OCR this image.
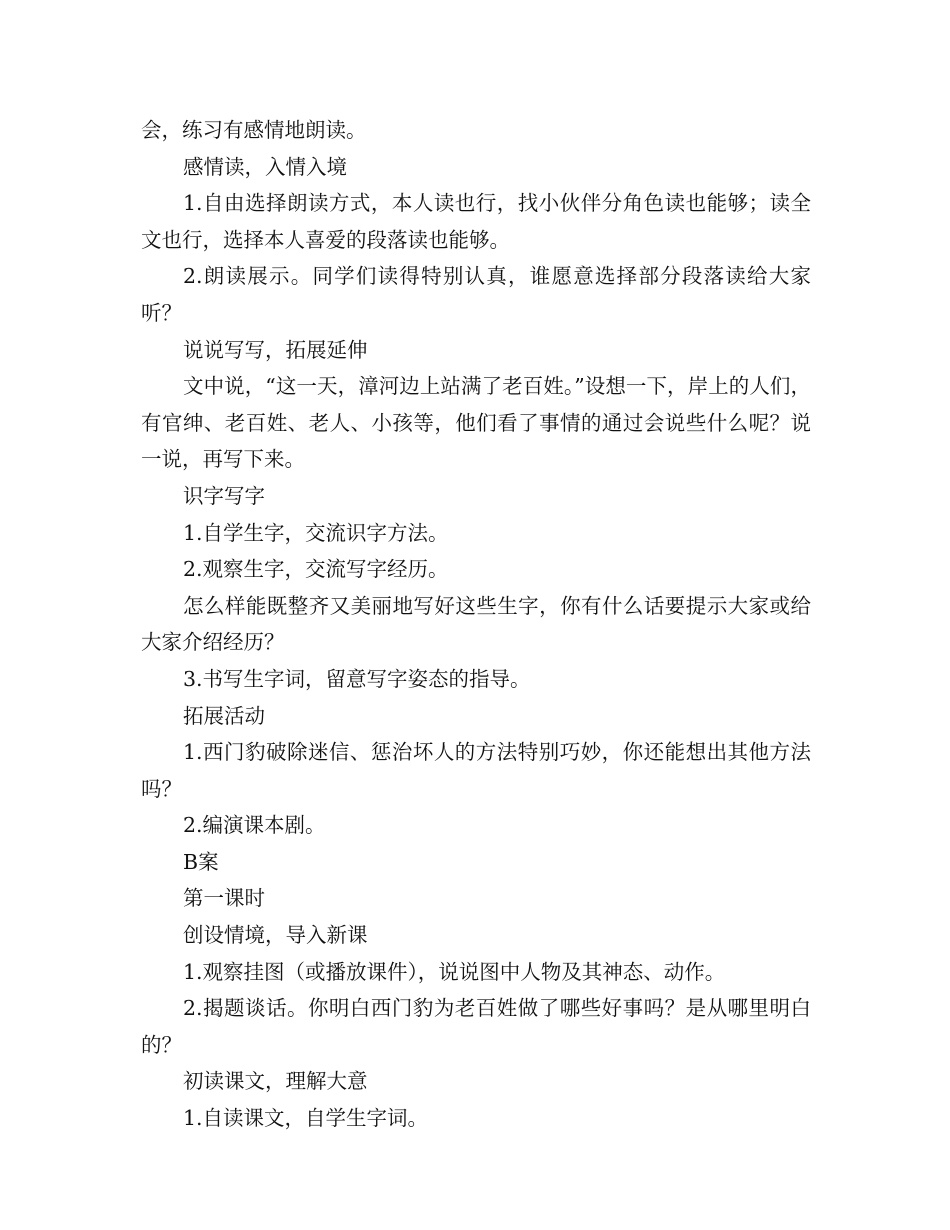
会，练习有感情地朗读。

感情读，入情入境

1.自由选择朗读方式，本人读也行，找小伙伴分角色读也能够；读全文也行，选择本人喜爱的段落读也能够。

2.朗读展示。同学们读得特别认真，谁愿意选择部分段落读给大家听？

说说写写，拓展延伸

文中说，“这一天，漳河边上站满了老百姓。”设想一下，岸上的人们，有官绅、老百姓、老人、小孩等，他们看了事情的通过会说些什么呢？说一说，再写下来。

识字写字

1.自学生字，交流识字方法。

2.观察生字，交流写字经历。

怎么样能既整齐又美丽地写好这些生字，你有什么话要提示大家或给大家介绍经历？

3.书写生字词，留意写字姿态的指导。

拓展活动

1.西门豹破除迷信、惩治坏人的方法特别巧妙，你还能想出其他方法吗？

2.编演课本剧。

B案

第一课时

创设情境，导入新课

1.观察挂图（或播放课件），说说图中人物及其神态、动作。

2.揭题谈话。你明白西门豹为老百姓做了哪些好事吗？是从哪里明白的？

初读课文，理解大意

1.自读课文，自学生字词。
